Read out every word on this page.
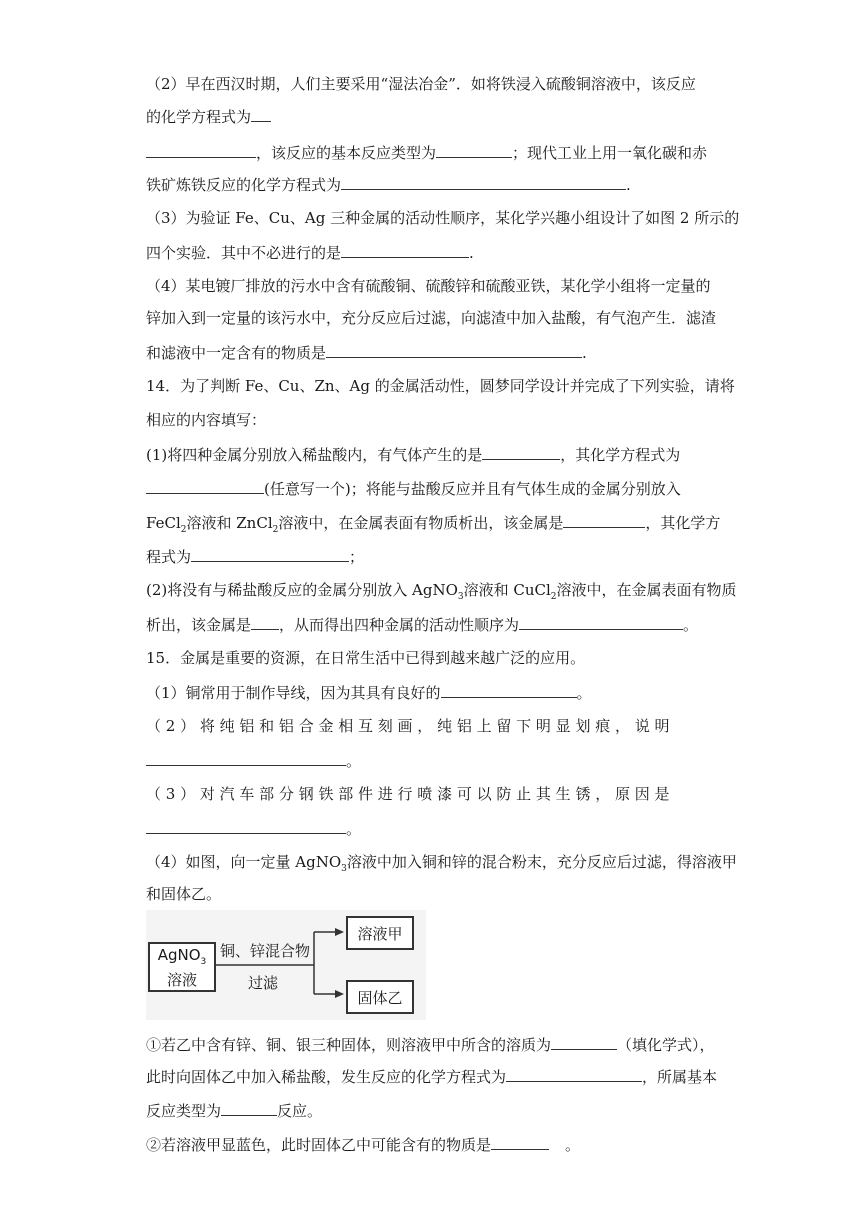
（2）早在西汉时期，人们主要采用“湿法冶金”．如将铁浸入硫酸铜溶液中，该反应
的化学方程式为
，该反应的基本反应类型为	；现代工业上用一氧化碳和赤
铁矿炼铁反应的化学方程式为	.
（3）为验证 Fe、Cu、Ag 三种金属的活动性顺序，某化学兴趣小组设计了如图 2 所示的
四个实验．其中不必进行的是	.
（4）某电镀厂排放的污水中含有硫酸铜、硫酸锌和硫酸亚铁，某化学小组将一定量的
锌加入到一定量的该污水中，充分反应后过滤，向滤渣中加入盐酸，有气泡产生．滤渣
和滤液中一定含有的物质是	.
14．为了判断 Fe、Cu、Zn、Ag 的金属活动性，圆梦同学设计并完成了下列实验，请将
相应的内容填写：
(1)将四种金属分别放入稀盐酸内，有气体产生的是	，其化学方程式为
(任意写一个)；将能与盐酸反应并且有气体生成的金属分别放入
FeCl$_2$溶液和 ZnCl$_2$溶液中，在金属表面有物质析出，该金属是	，其化学方
程式为	；
(2)将没有与稀盐酸反应的金属分别放入 AgNO$_3$溶液和 CuCl$_2$溶液中，在金属表面有物质
析出，该金属是 ，从而得出四种金属的活动性顺序为	。
15．金属是重要的资源，在日常生活中已得到越来越广泛的应用。
（1）铜常用于制作导线，因为其具有良好的	。
（ 2 ） 将 纯 铝 和 铝 合 金 相 互 刻 画 ， 纯 铝 上 留 下 明 显 划 痕 ， 说 明
。
（ 3 ） 对 汽 车 部 分 钢 铁 部 件 进 行 喷 漆 可 以 防 止 其 生 锈 ， 原 因 是
。
（4）如图，向一定量 AgNO$_3$溶液中加入铜和锌的混合粉末，充分反应后过滤，得溶液甲
和固体乙。
AgNO$_3$
溶液
铜、锌混合物
过滤
溶液甲
固体乙
①若乙中含有锌、铜、银三种固体，则溶液甲中所含的溶质为	（填化学式），
此时向固体乙中加入稀盐酸，发生反应的化学方程式为	，所属基本
反应类型为	反应。
②若溶液甲显蓝色，此时固体乙中可能含有的物质是	。
